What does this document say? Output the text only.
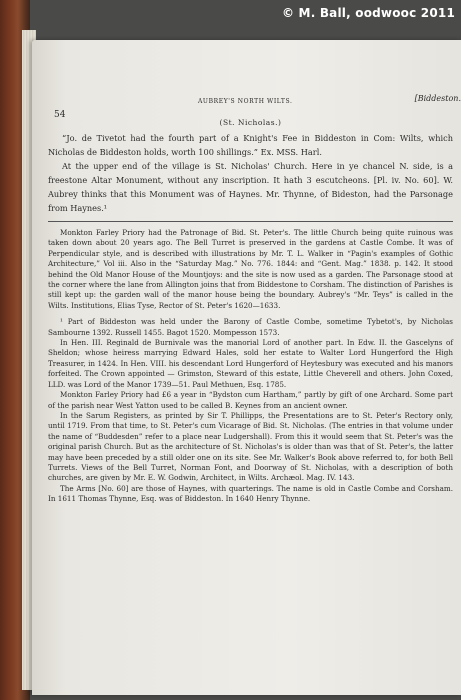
© M. Ball, oodwooc 2011
54
AUBREY'S NORTH WILTS.	[Biddeston.
(St. Nicholas.)

“Jo. de Tivetot had the fourth part of a Knight's Fee in Biddeston in Com: Wilts, which Nicholas de Biddeston holds, worth 100 shillings.” Ex. MSS. Harl.

At the upper end of the village is St. Nicholas' Church. Here in ye chancel N. side, is a freestone Altar Monument, without any inscription. It hath 3 escutcheons. [Pl. iv. No. 60]. W. Aubrey thinks that this Monument was of Haynes. Mr. Thynne, of Bideston, had the Parsonage from Haynes.¹

Monkton Farley Priory had the Patronage of Bid. St. Peter's. The little Church being quite ruinous was taken down about 20 years ago. The Bell Turret is preserved in the gardens at Castle Combe. It was of Perpendicular style, and is described with illustrations by Mr. T. L. Walker in “Pagin's examples of Gothic Architecture,” Vol iii. Also in the “Saturday Mag.” No. 776. 1844: and “Gent. Mag.” 1838. p. 142. It stood behind the Old Manor House of the Mountjoys: and the site is now used as a garden. The Parsonage stood at the corner where the lane from Allington joins that from Biddestone to Corsham. The distinction of Parishes is still kept up: the garden wall of the manor house being the boundary. Aubrey's “Mr. Teys” is called in the Wilts. Institutions, Elias Tyse, Rector of St. Peter's 1620—1633.

¹ Part of Biddeston was held under the Barony of Castle Combe, sometime Tybetot's, by Nicholas Sambourne 1392. Russell 1455. Bagot 1520. Mompesson 1573.

In Hen. III. Reginald de Burnivale was the manorial Lord of another part. In Edw. II. the Gascelyns of Sheldon; whose heiress marrying Edward Hales, sold her estate to Walter Lord Hungerford the High Treasurer, in 1424. In Hen. VIII. his descendant Lord Hungerford of Heytesbury was executed and his manors forfeited. The Crown appointed — Grimston, Steward of this estate, Little Cheverell and others. John Coxed, LLD. was Lord of the Manor 1739—51. Paul Methuen, Esq. 1785.

Monkton Farley Priory had £6 a year in “Bydston cum Hartham,” partly by gift of one Archard. Some part of the parish near West Yatton used to be called B. Keynes from an ancient owner.

In the Sarum Registers, as printed by Sir T. Phillipps, the Presentations are to St. Peter's Rectory only, until 1719. From that time, to St. Peter's cum Vicarage of Bid. St. Nicholas. (The entries in that volume under the name of “Buddesden” refer to a place near Ludgershall). From this it would seem that St. Peter's was the original parish Church. But as the architecture of St. Nicholas's is older than was that of St. Peter's, the latter may have been preceded by a still older one on its site. See Mr. Walker's Book above referred to, for both Bell Turrets. Views of the Bell Turret, Norman Font, and Doorway of St. Nicholas, with a description of both churches, are given by Mr. E. W. Godwin, Architect, in Wilts. Archæol. Mag. IV. 143.

The Arms [No. 60] are those of Haynes, with quarterings. The name is old in Castle Combe and Corsham. In 1611 Thomas Thynne, Esq. was of Biddeston. In 1640 Henry Thynne.
